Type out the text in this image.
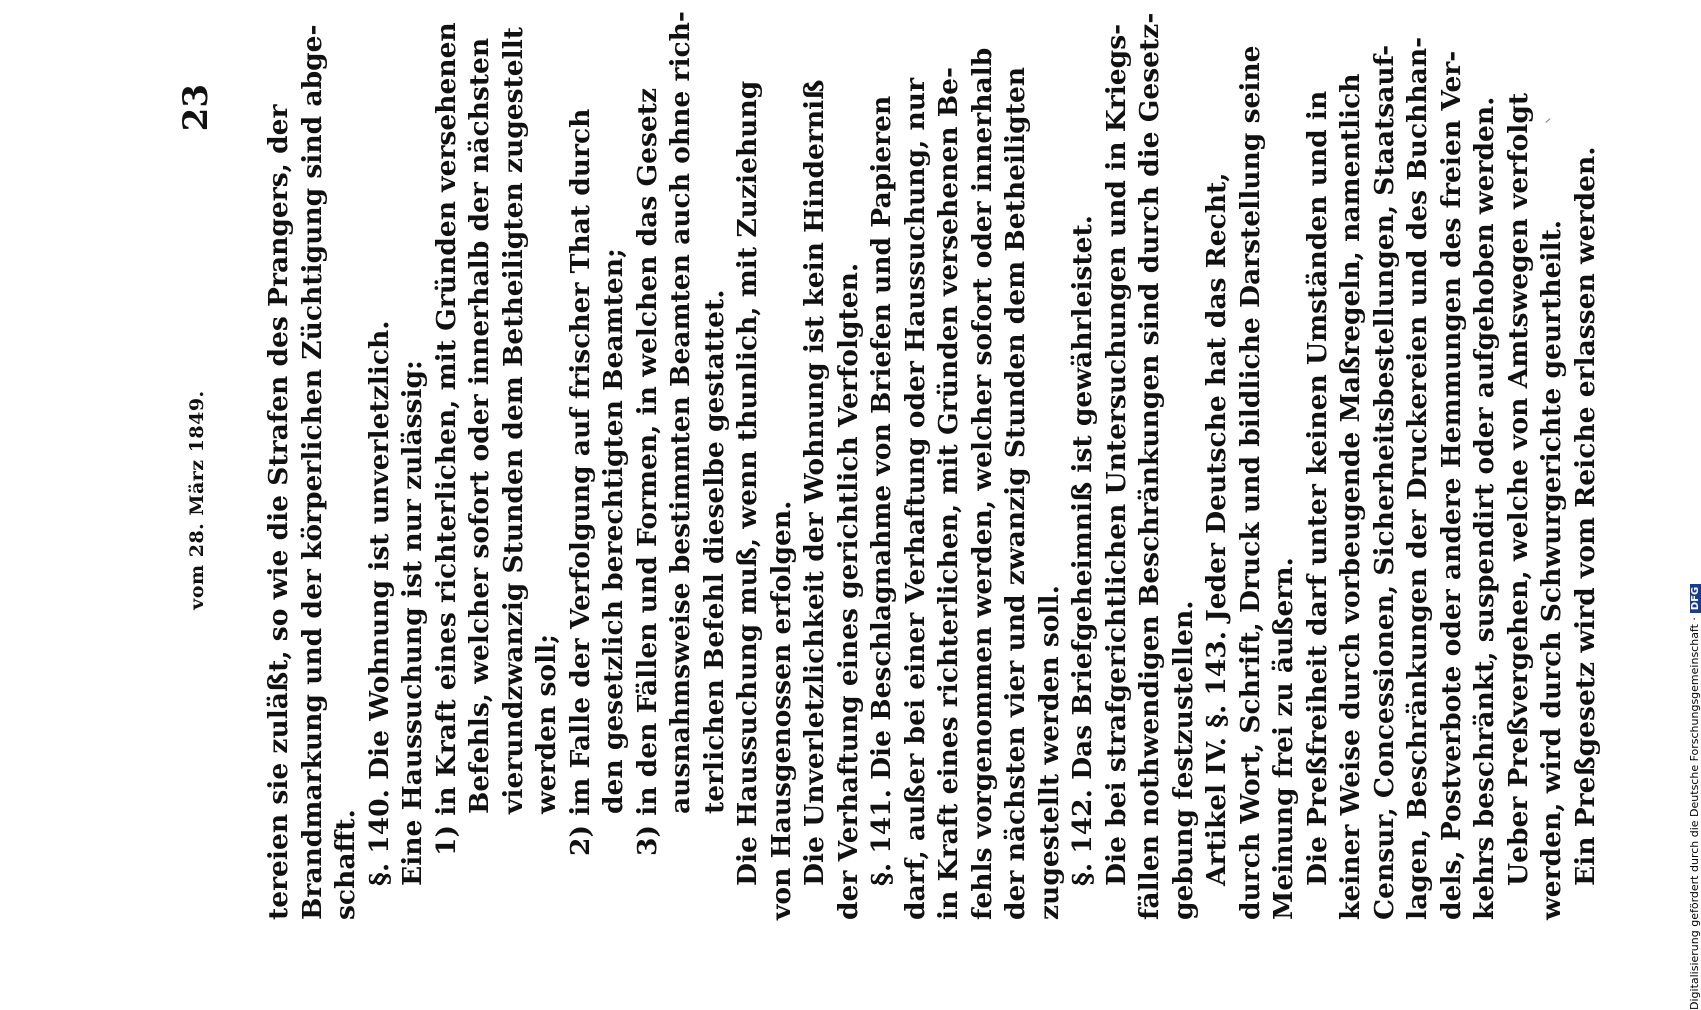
vom 28. März 1849.
23 tereien sie zuläßt, so wie die Strafen des Prangers, der Brandmarkung und der körperlichen Züchtigung sind abge- schafft. §. 140. Die Wohnung ist unverletzlich. Eine Haussuchung ist nur zulässig: 1) in Kraft eines richterlichen, mit Gründen versehenen Befehls, welcher sofort oder innerhalb der nächsten vierundzwanzig Stunden dem Betheiligten zugestellt werden soll; 2) im Falle der Verfolgung auf frischer That durch den gesetzlich berechtigten Beamten; 3) in den Fällen und Formen, in welchen das Gesetz ausnahmsweise bestimmten Beamten auch ohne rich- terlichen Befehl dieselbe gestattet. Die Haussuchung muß, wenn thunlich, mit Zuziehung von Hausgenossen erfolgen. Die Unverletzlichkeit der Wohnung ist kein Hinderniß der Verhaftung eines gerichtlich Verfolgten. §. 141. Die Beschlagnahme von Briefen und Papieren darf, außer bei einer Verhaftung oder Haussuchung, nur in Kraft eines richterlichen, mit Gründen versehenen Be- fehls vorgenommen werden, welcher sofort oder innerhalb der nächsten vier und zwanzig Stunden dem Betheiligten zugestellt werden soll. §. 142. Das Briefgeheimniß ist gewährleistet. Die bei strafgerichtlichen Untersuchungen und in Kriegs- fällen nothwendigen Beschränkungen sind durch die Gesetz- gebung festzustellen. Artikel IV. §. 143. Jeder Deutsche hat das Recht, durch Wort, Schrift, Druck und bildliche Darstellung seine Meinung frei zu äußern. Die Preßfreiheit darf unter keinen Umständen und in keiner Weise durch vorbeugende Maßregeln, namentlich Censur, Concessionen, Sicherheitsbestellungen, Staatsauf- lagen, Beschränkungen der Druckereien und des Buchhan- dels, Postverbote oder andere Hemmungen des freien Ver- kehrs beschränkt, suspendirt oder aufgehoben werden. Ueber Preßvergehen, welche von Amtswegen verfolgt werden, wird durch Schwurgerichte geurtheilt. Ein Preßgesetz wird vom Reiche erlassen werden.	Digitalisierung gefördert durch die Deutsche Forschungsgemeinschaft ·DFG
